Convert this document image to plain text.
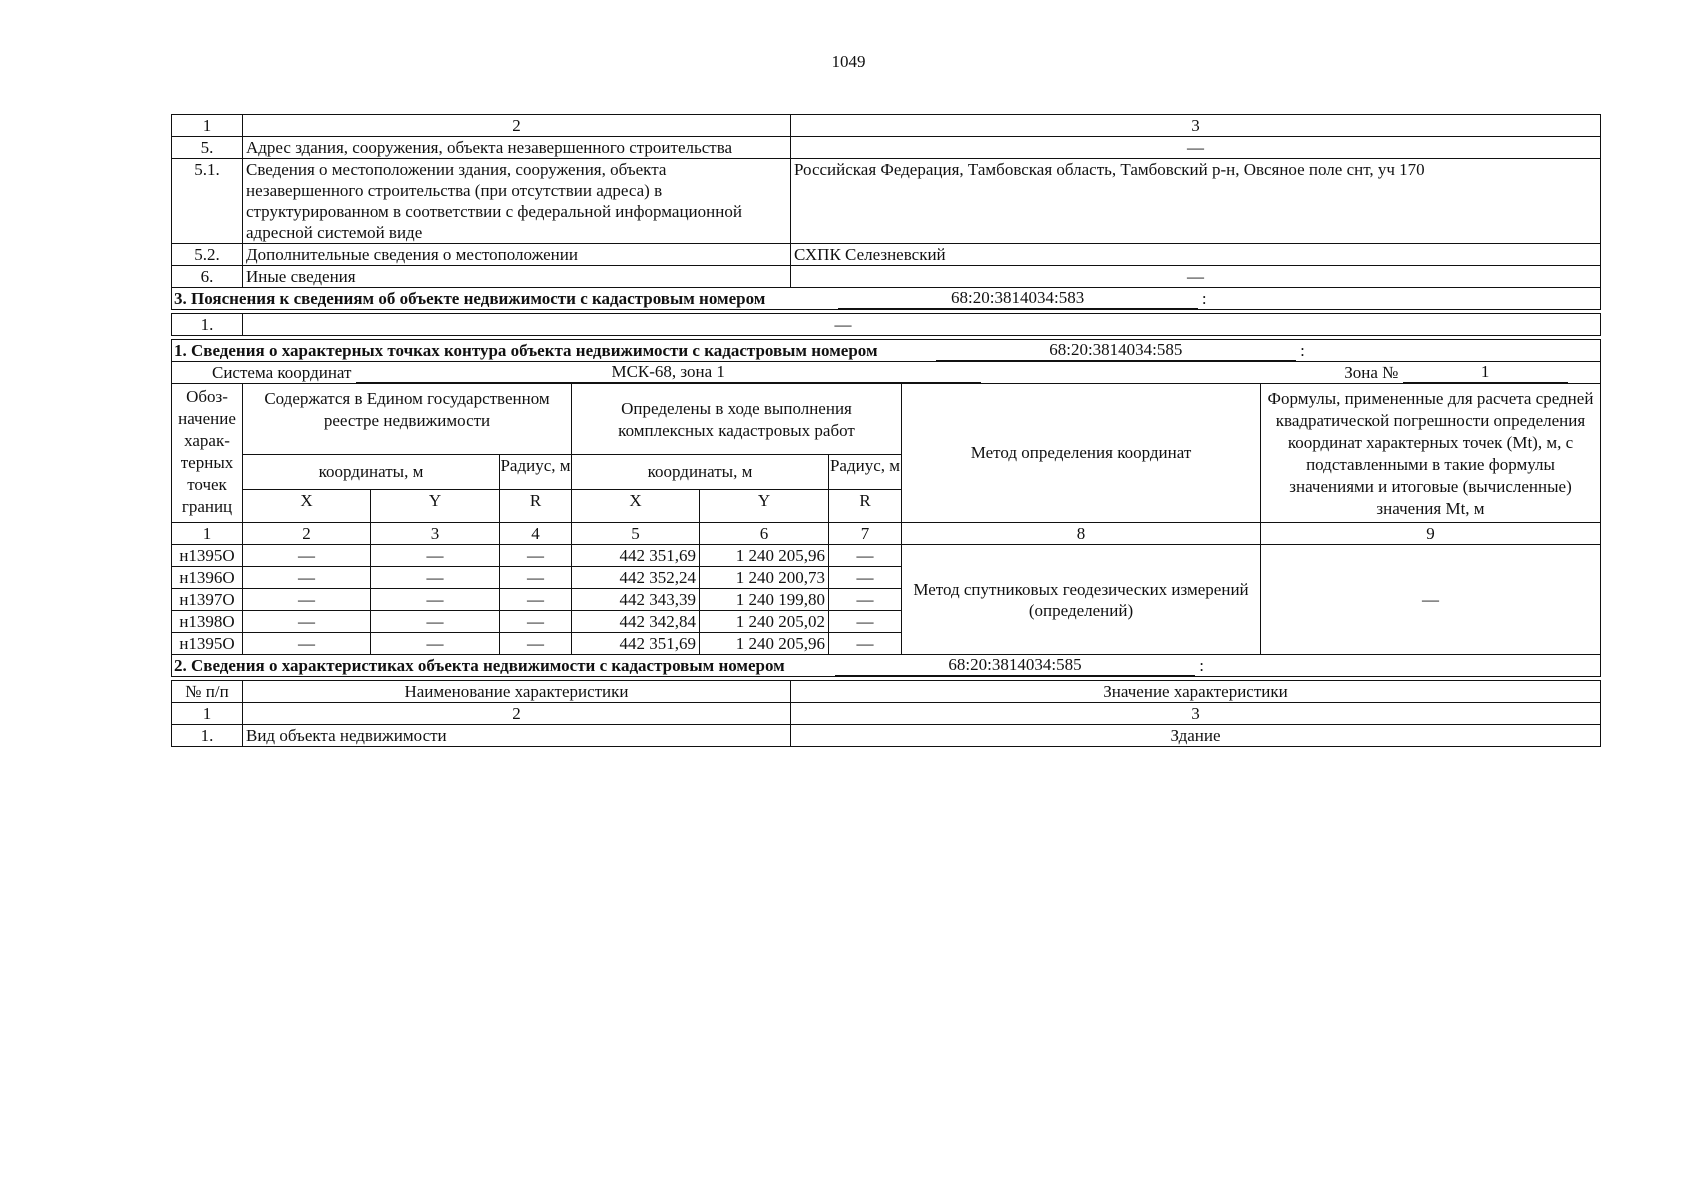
1049
1	2	3
5.	Адрес здания, сооружения, объекта незавершенного строительства	—
5.1.	Сведения о местоположении здания, сооружения, объекта незавершенного строительства (при отсутствии адреса) в структурированном в соответствии с федеральной информационной адресной системой виде	Российская Федерация, Тамбовская область, Тамбовский р-н, Овсяное поле снт, уч 170
5.2.	Дополнительные сведения о местоположении	СХПК Селезневский
6.	Иные сведения	—
3. Пояснения к сведениям об объекте недвижимости с кадастровым номером 68:20:3814034:583 :		
1.	—
1. Сведения о характерных точках контура объекта недвижимости с кадастровым номером 68:20:3814034:585 :								
Система координат МСК-68, зона 1 Зона № 1								
Обоз-начение харак-терных точек границ	Содержатся в Едином государственном реестре недвижимости			Определены в ходе выполнения комплексных кадастровых работ			Метод определения координат	Формулы, примененные для расчета средней квадратической погрешности определения координат характерных точек (Mt), м, с подставленными в такие формулы значениями и итоговые (вычисленные) значения Mt, м
	координаты, м		Радиус, м	координаты, м		Радиус, м		
	X	Y	R	X	Y	R		
1	2	3	4	5	6	7	8	9
н1395О	—	—	—	442 351,69	1 240 205,96	—	Метод спутниковых геодезических измерений (определений)	—
н1396О	—	—	—	442 352,24	1 240 200,73	—		
н1397О	—	—	—	442 343,39	1 240 199,80	—		
н1398О	—	—	—	442 342,84	1 240 205,02	—		
н1395О	—	—	—	442 351,69	1 240 205,96	—		
2. Сведения о характеристиках объекта недвижимости с кадастровым номером 68:20:3814034:585 :								
№ п/п	Наименование характеристики	Значение характеристики
1	2	3
1.	Вид объекта недвижимости	Здание
